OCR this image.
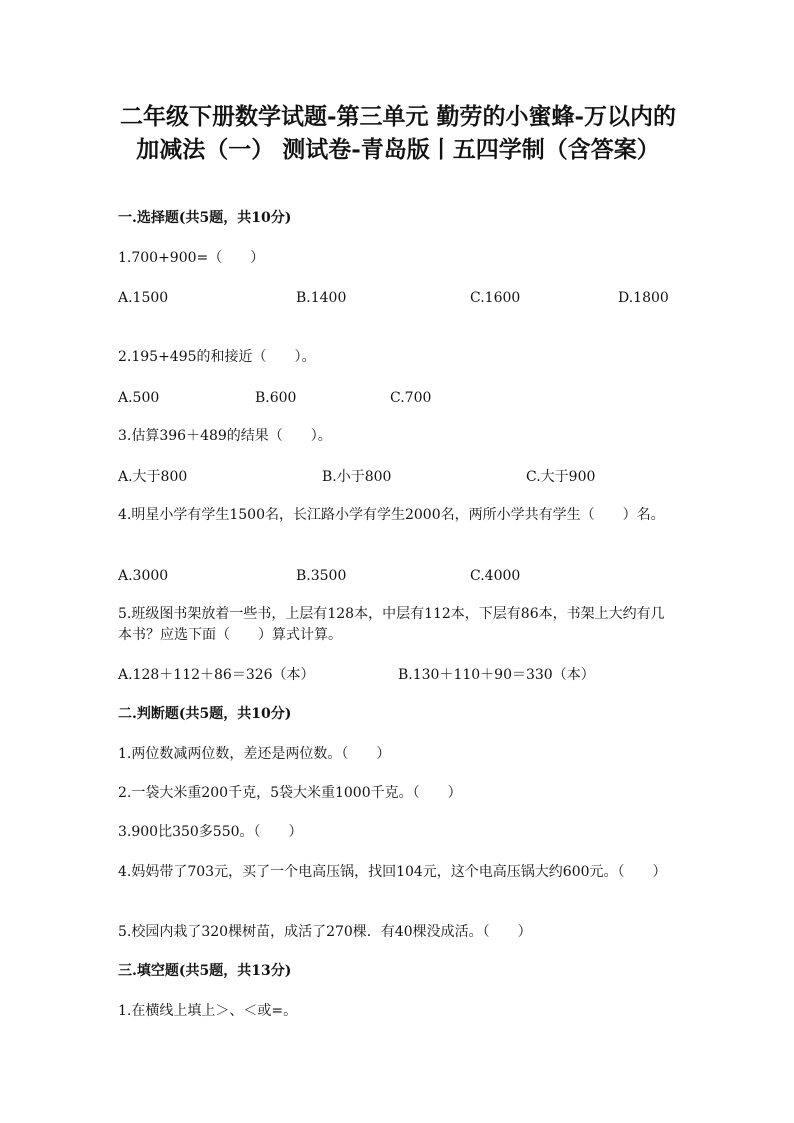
二年级下册数学试题-第三单元 勤劳的小蜜蜂-万以内的加减法（一） 测试卷-青岛版丨五四学制（含答案）
一.选择题(共5题，共10分)
1.700+900=（　　）
A.1500	B.1400	C.1600	D.1800
2.195+495的和接近（　　）。
A.500	B.600	C.700
3.估算396＋489的结果（　　）。
A.大于800	B.小于800	C.大于900
4.明星小学有学生1500名，长江路小学有学生2000名，两所小学共有学生（　　）名。
A.3000	B.3500	C.4000
5.班级图书架放着一些书，上层有128本，中层有112本，下层有86本，书架上大约有几本书？应选下面（　　）算式计算。
A.128＋112＋86＝326（本）	B.130＋110＋90＝330（本）
二.判断题(共5题，共10分)
1.两位数减两位数，差还是两位数。（　　）
2.一袋大米重200千克，5袋大米重1000千克。（　　）
3.900比350多550。（　　）
4.妈妈带了703元，买了一个电高压锅，找回104元，这个电高压锅大约600元。（　　）
5.校园内栽了320棵树苗，成活了270棵．有40棵没成活。（　　）
三.填空题(共5题，共13分)
1.在横线上填上＞、＜或=。
